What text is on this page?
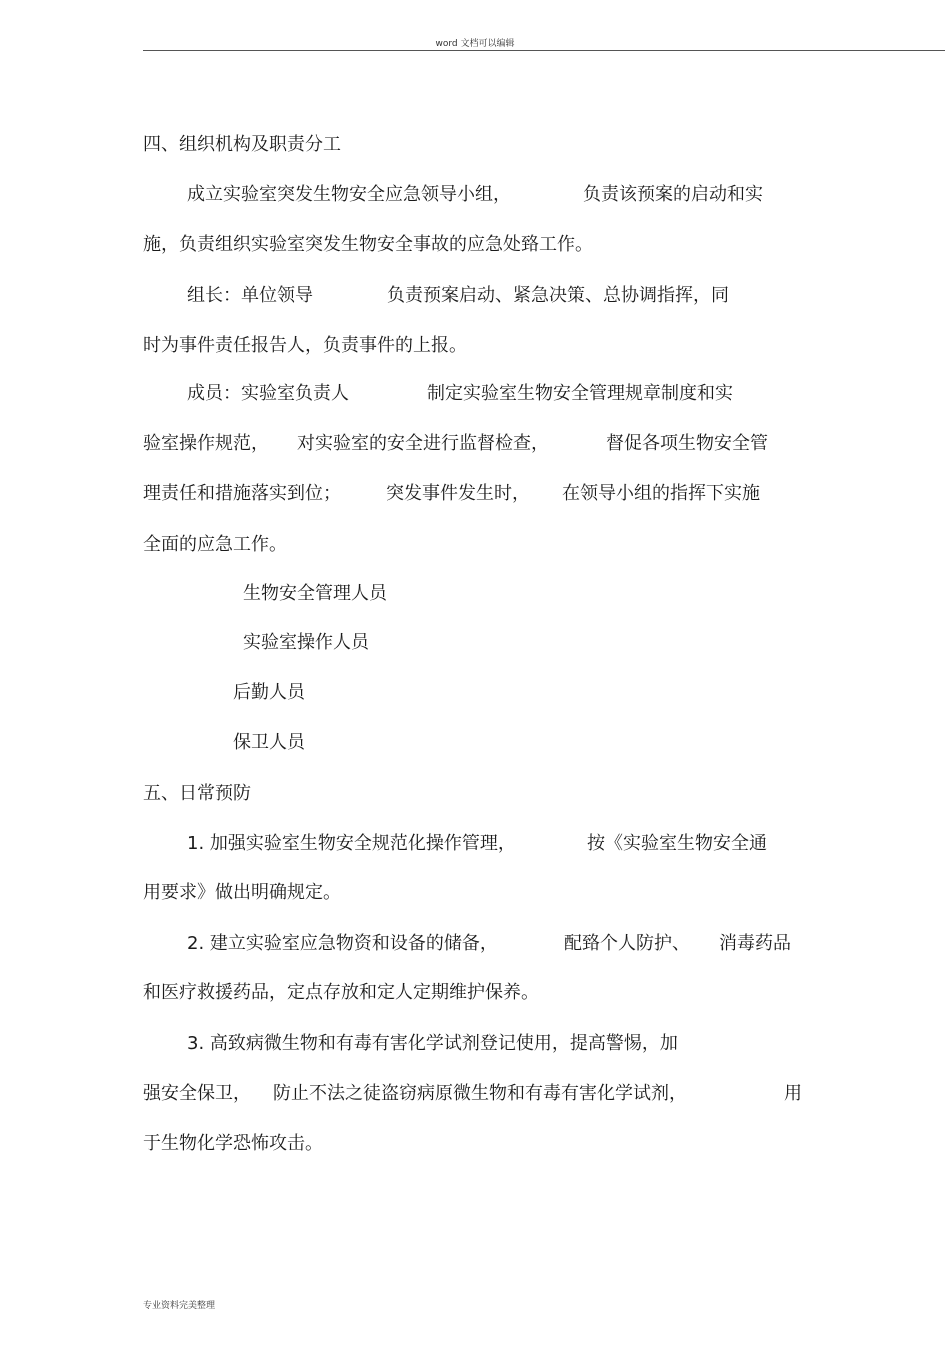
word 文档可以编辑
四、组织机构及职责分工
成立实验室突发生物安全应急领导小组，	负责该预案的启动和实
施，负责组织实验室突发生物安全事故的应急处臵工作。
组长：单位领导	负责预案启动、紧急决策、总协调指挥，同
时为事件责任报告人，负责事件的上报。
成员：实验室负责人	制定实验室生物安全管理规章制度和实
验室操作规范， 对实验室的安全进行监督检查，	督促各项生物安全管
理责任和措施落实到位；	突发事件发生时， 在领导小组的指挥下实施
全面的应急工作。
生物安全管理人员
实验室操作人员
后勤人员
保卫人员
五、日常预防
1. 加强实验室生物安全规范化操作管理，	按《实验室生物安全通
用要求》做出明确规定。
2. 建立实验室应急物资和设备的储备，	配臵个人防护、 消毒药品
和医疗救援药品，定点存放和定人定期维护保养。
3. 高致病微生物和有毒有害化学试剂登记使用，提高警惕，加
强安全保卫， 防止不法之徒盗窃病原微生物和有毒有害化学试剂，	用
于生物化学恐怖攻击。
专业资料完美整理
